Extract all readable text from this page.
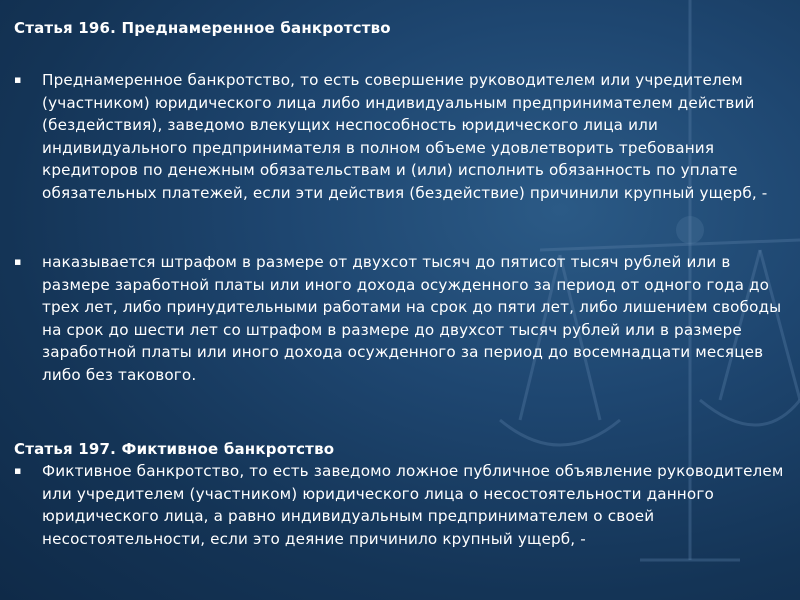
Статья 196. Преднамеренное банкротство
▪	Преднамеренное банкротство, то есть совершение руководителем или учредителем (участником) юридического лица либо индивидуальным предпринимателем действий (бездействия), заведомо влекущих неспособность юридического лица или индивидуального предпринимателя в полном объеме удовлетворить требования кредиторов по денежным обязательствам и (или) исполнить обязанность по уплате обязательных платежей, если эти действия (бездействие) причинили крупный ущерб, -
▪	наказывается штрафом в размере от двухсот тысяч до пятисот тысяч рублей или в размере заработной платы или иного дохода осужденного за период от одного года до трех лет, либо принудительными работами на срок до пяти лет, либо лишением свободы на срок до шести лет со штрафом в размере до двухсот тысяч рублей или в размере заработной платы или иного дохода осужденного за период до восемнадцати месяцев либо без такового.
Статья 197. Фиктивное банкротство
▪	Фиктивное банкротство, то есть заведомо ложное публичное объявление руководителем или учредителем (участником) юридического лица о несостоятельности данного юридического лица, а равно индивидуальным предпринимателем о своей несостоятельности, если это деяние причинило крупный ущерб, -
